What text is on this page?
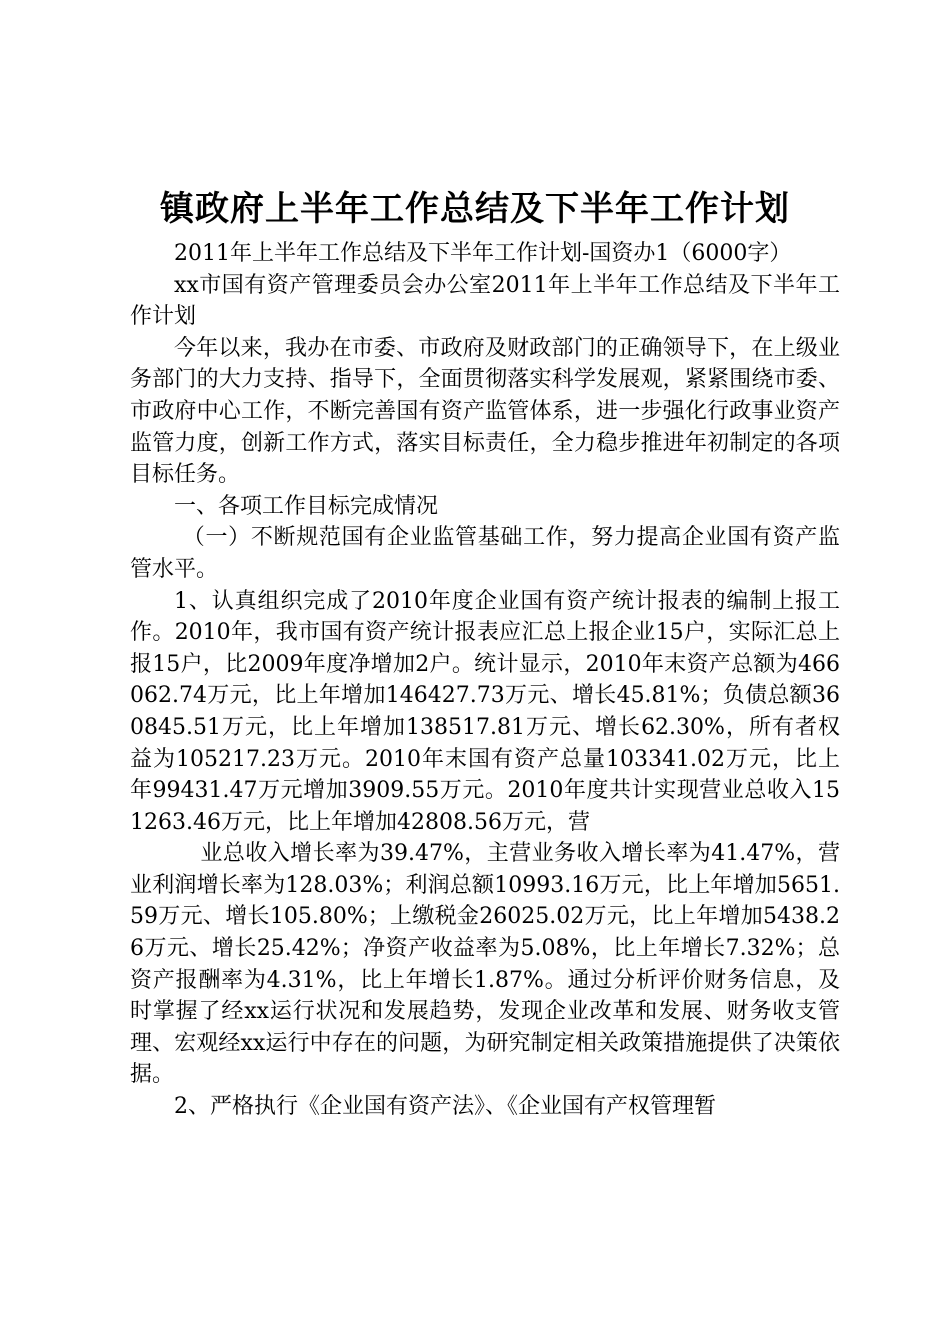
镇政府上半年工作总结及下半年工作计划

2011年上半年工作总结及下半年工作计划-国资办1（6000字）

xx市国有资产管理委员会办公室2011年上半年工作总结及下半年工作计划

今年以来，我办在市委、市政府及财政部门的正确领导下，在上级业务部门的大力支持、指导下，全面贯彻落实科学发展观，紧紧围绕市委、市政府中心工作，不断完善国有资产监管体系，进一步强化行政事业资产监管力度，创新工作方式，落实目标责任，全力稳步推进年初制定的各项目标任务。

一、各项工作目标完成情况

（一）不断规范国有企业监管基础工作，努力提高企业国有资产监管水平。

1、认真组织完成了2010年度企业国有资产统计报表的编制上报工作。2010年，我市国有资产统计报表应汇总上报企业15户，实际汇总上报15户，比2009年度净增加2户。统计显示，2010年末资产总额为466062.74万元，比上年增加146427.73万元、增长45.81%；负债总额360845.51万元，比上年增加138517.81万元、增长62.30%，所有者权益为105217.23万元。2010年末国有资产总量103341.02万元，比上年99431.47万元增加3909.55万元。2010年度共计实现营业总收入151263.46万元，比上年增加42808.56万元，营

业总收入增长率为39.47%，主营业务收入增长率为41.47%，营业利润增长率为128.03%；利润总额10993.16万元，比上年增加5651.59万元、增长105.80%；上缴税金26025.02万元，比上年增加5438.26万元、增长25.42%；净资产收益率为5.08%，比上年增长7.32%；总资产报酬率为4.31%，比上年增长1.87%。通过分析评价财务信息，及时掌握了经xx运行状况和发展趋势，发现企业改革和发展、财务收支管理、宏观经xx运行中存在的问题，为研究制定相关政策措施提供了决策依据。

2、严格执行《企业国有资产法》、《企业国有产权管理暂
